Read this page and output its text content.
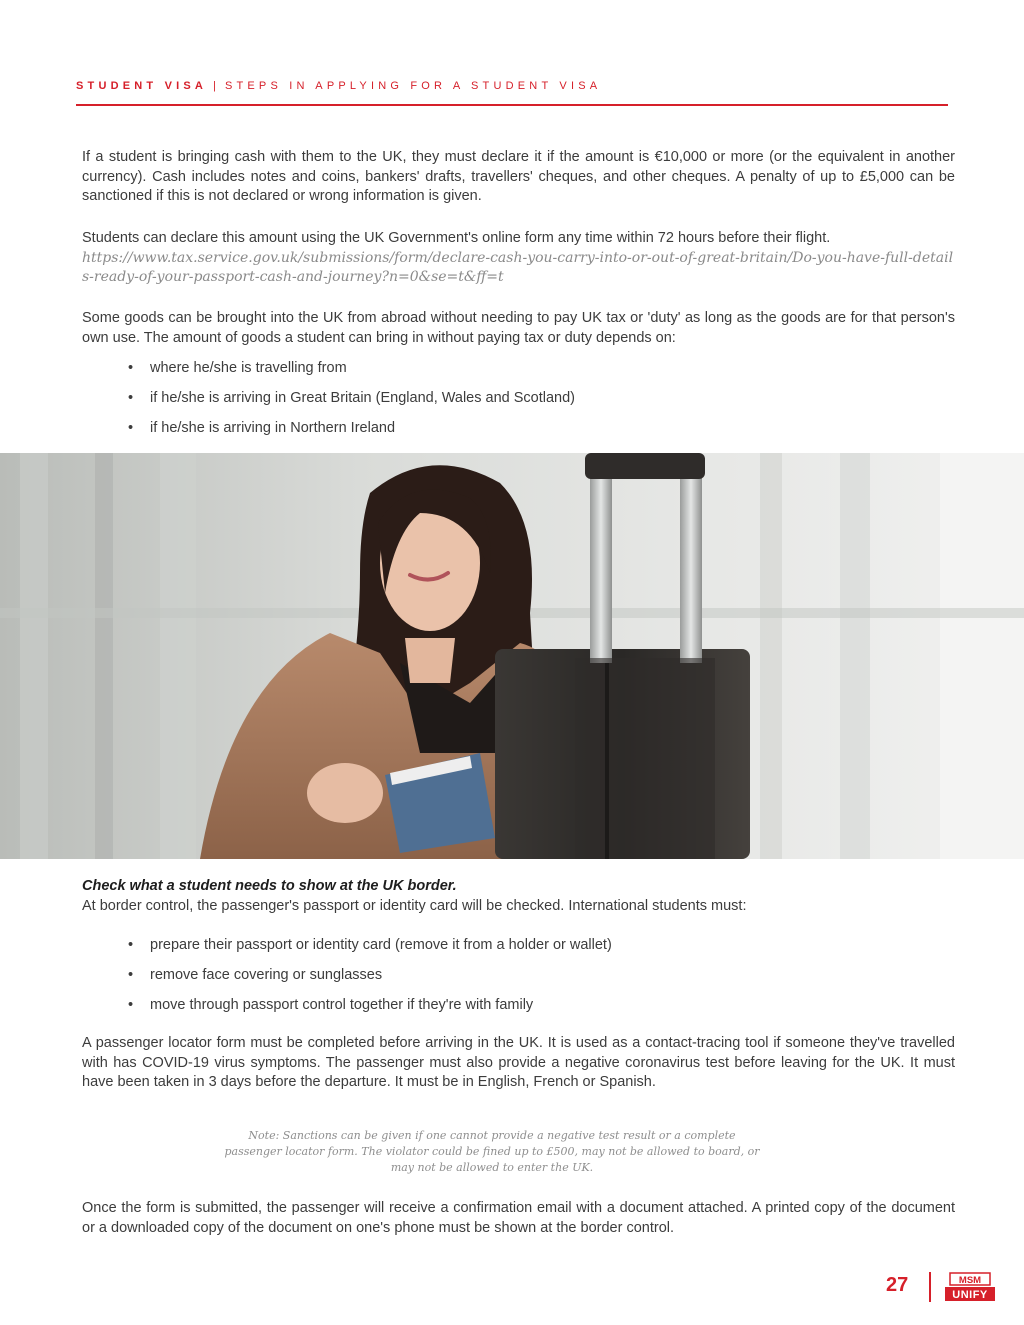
STUDENT VISA | STEPS IN APPLYING FOR A STUDENT VISA

If a student is bringing cash with them to the UK, they must declare it if the amount is €10,000 or more (or the equivalent in another currency). Cash includes notes and coins, bankers' drafts, travellers' cheques, and other cheques. A penalty of up to £5,000 can be sanctioned if this is not declared or wrong information is given.

Students can declare this amount using the UK Government's online form any time within 72 hours before their flight.

https://www.tax.service.gov.uk/submissions/form/declare-cash-you-carry-into-or-out-of-great-britain/Do-you-have-full-details-ready-of-your-passport-cash-and-journey?n=0&se=t&ff=t

Some goods can be brought into the UK from abroad without needing to pay UK tax or 'duty' as long as the goods are for that person's own use. The amount of goods a student can bring in without paying tax or duty depends on:

• where he/she is travelling from
• if he/she is arriving in Great Britain (England, Wales and Scotland)
• if he/she is arriving in Northern Ireland

Check what a student needs to show at the UK border.

At border control, the passenger's passport or identity card will be checked. International students must:

• prepare their passport or identity card (remove it from a holder or wallet)
• remove face covering or sunglasses
• move through passport control together if they're with family

A passenger locator form must be completed before arriving in the UK. It is used as a contact-tracing tool if someone they've travelled with has COVID-19 virus symptoms. The passenger must also provide a negative coronavirus test before leaving for the UK. It must have been taken in 3 days before the departure. It must be in English, French or Spanish.

Note: Sanctions can be given if one cannot provide a negative test result or a complete passenger locator form. The violator could be fined up to £500, may not be allowed to board, or may not be allowed to enter the UK.

Once the form is submitted, the passenger will receive a confirmation email with a document attached. A printed copy of the document or a downloaded copy of the document on one's phone must be shown at the border control.

27	MSM
UNIFY
